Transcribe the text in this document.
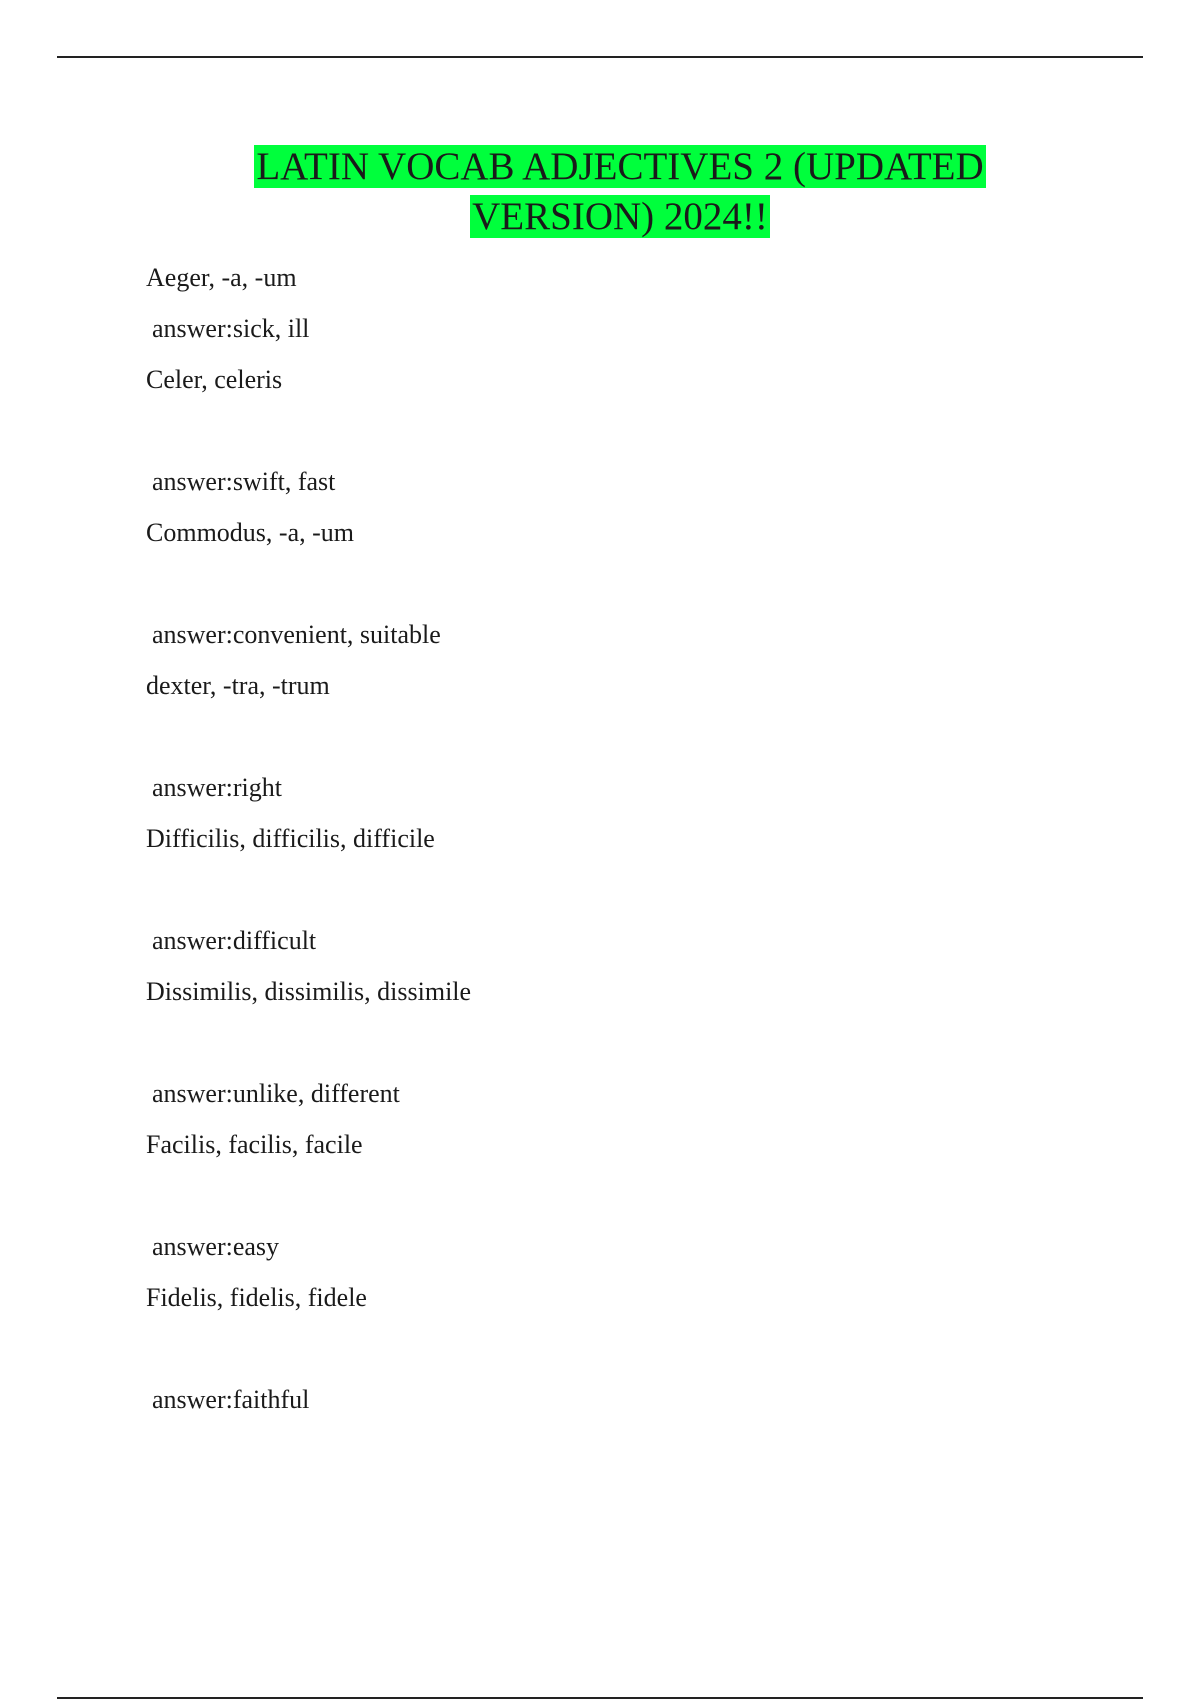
LATIN VOCAB ADJECTIVES 2 (UPDATED
VERSION) 2024!!
Aeger, -a, -um
answer:sick, ill
Celer, celeris
answer:swift, fast
Commodus, -a, -um
answer:convenient, suitable
dexter, -tra, -trum
answer:right
Difficilis, difficilis, difficile
answer:difficult
Dissimilis, dissimilis, dissimile
answer:unlike, different
Facilis, facilis, facile
answer:easy
Fidelis, fidelis, fidele
answer:faithful
